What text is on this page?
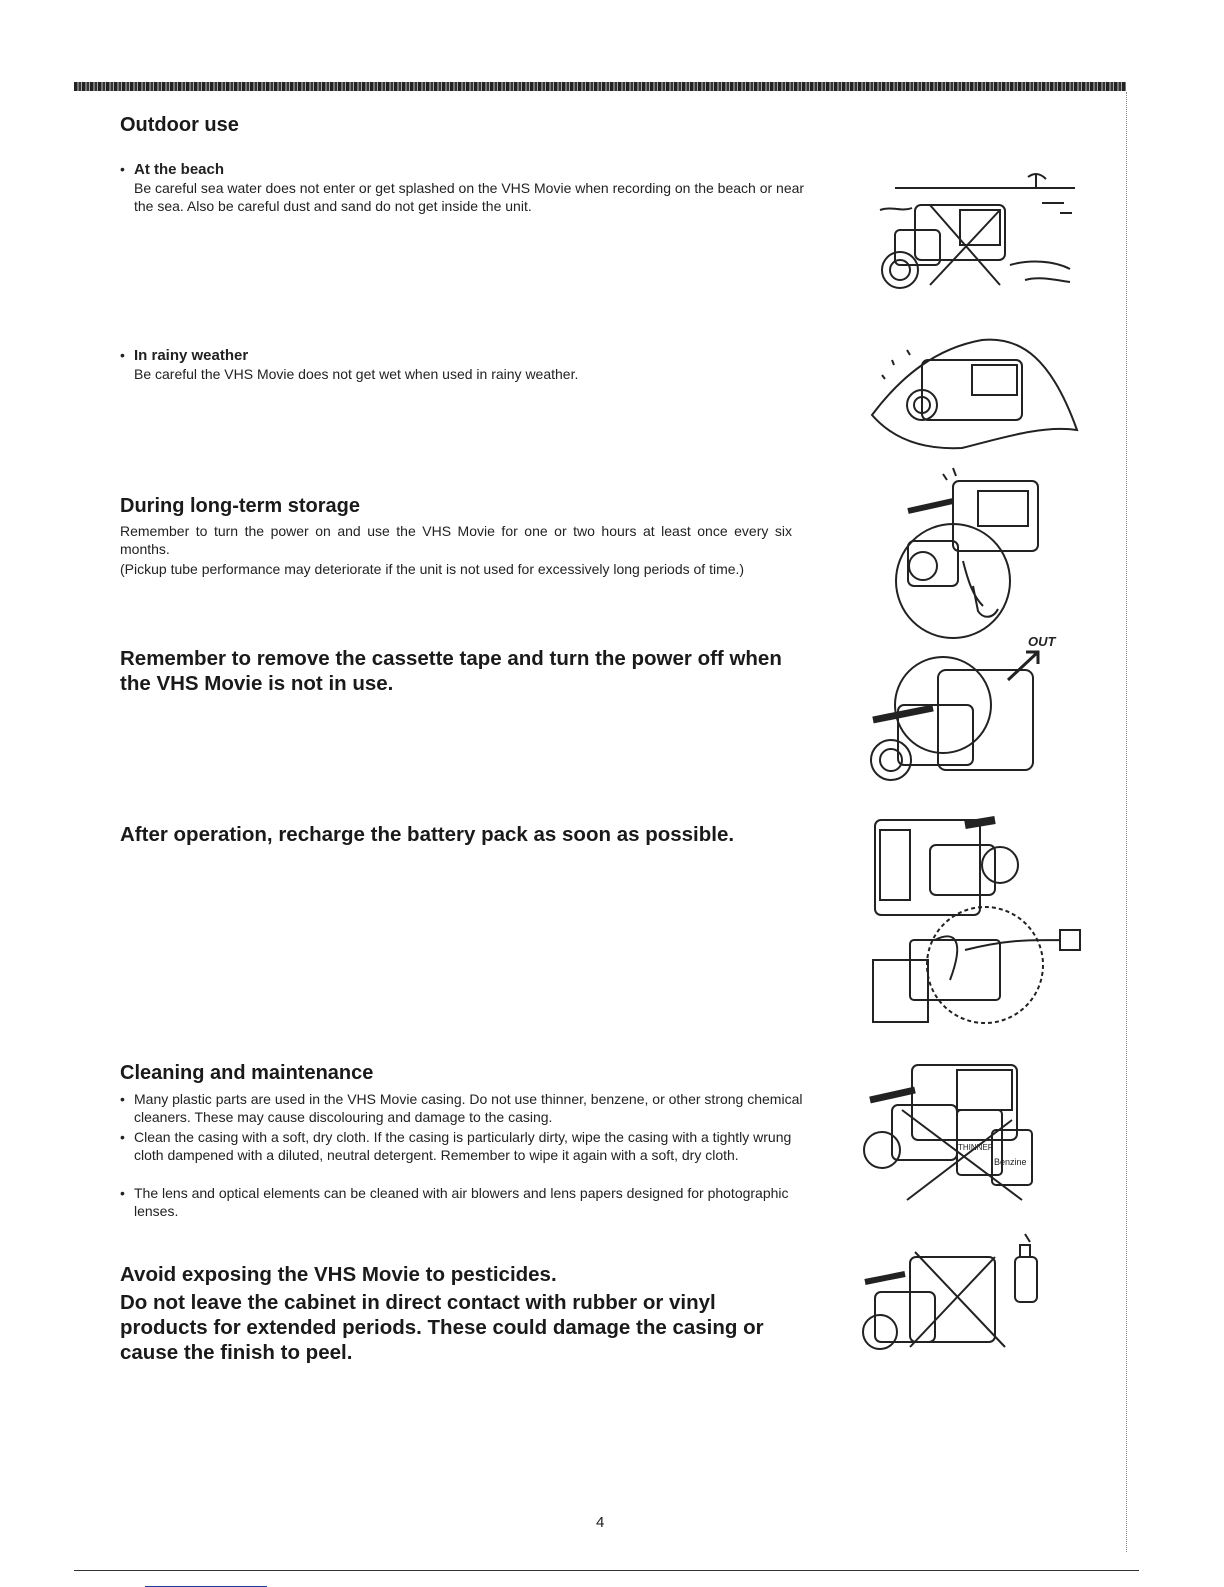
Outdoor use
• At the beach
Be careful sea water does not enter or get splashed on the VHS Movie when recording on the beach or near the sea. Also be careful dust and sand do not get inside the unit.
• In rainy weather
Be careful the VHS Movie does not get wet when used in rainy weather.
During long-term storage
Remember to turn the power on and use the VHS Movie for one or two hours at least once every six months.
(Pickup tube performance may deteriorate if the unit is not used for excessively long periods of time.)
Remember to remove the cassette tape and turn the power off when the VHS Movie is not in use.
After operation, recharge the battery pack as soon as possible.
Cleaning and maintenance
• Many plastic parts are used in the VHS Movie casing. Do not use thinner, benzene, or other strong chemical cleaners. These may cause discolouring and damage to the casing.
• Clean the casing with a soft, dry cloth. If the casing is particularly dirty, wipe the casing with a tightly wrung cloth dampened with a diluted, neutral detergent. Remember to wipe it again with a soft, dry cloth.
• The lens and optical elements can be cleaned with air blowers and lens papers designed for photographic lenses.
Avoid exposing the VHS Movie to pesticides.
Do not leave the cabinet in direct contact with rubber or vinyl products for extended periods. These could damage the casing or cause the finish to peel.
OUT
THINNER
Benzine
4
